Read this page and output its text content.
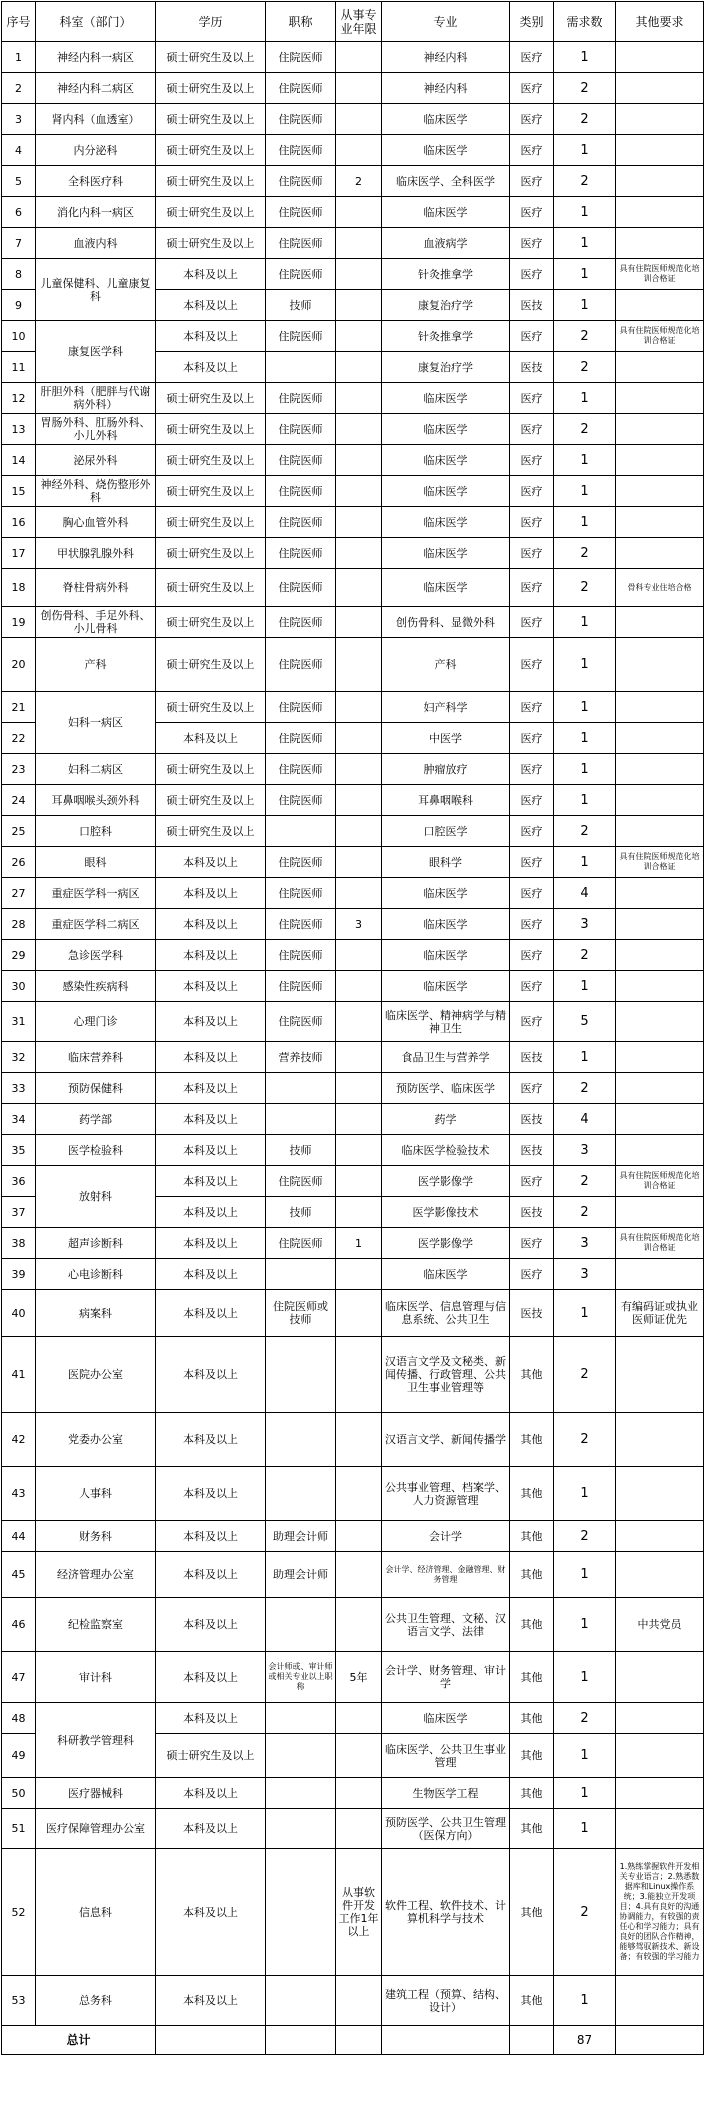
序号	科室（部门）	学历	职称	从事专业年限	专业	类别	需求数	其他要求
1	神经内科一病区	硕士研究生及以上	住院医师		神经内科	医疗	1	
2	神经内科二病区	硕士研究生及以上	住院医师		神经内科	医疗	2	
3	肾内科（血透室）	硕士研究生及以上	住院医师		临床医学	医疗	2	
4	内分泌科	硕士研究生及以上	住院医师		临床医学	医疗	1	
5	全科医疗科	硕士研究生及以上	住院医师	2	临床医学、全科医学	医疗	2	
6	消化内科一病区	硕士研究生及以上	住院医师		临床医学	医疗	1	
7	血液内科	硕士研究生及以上	住院医师		血液病学	医疗	1	
8	儿童保健科、儿童康复科	本科及以上	住院医师		针灸推拿学	医疗	1	具有住院医师规范化培训合格证
9		本科及以上	技师		康复治疗学	医技	1	
10	康复医学科	本科及以上	住院医师		针灸推拿学	医疗	2	具有住院医师规范化培训合格证
11		本科及以上			康复治疗学	医技	2	
12	肝胆外科（肥胖与代谢病外科）	硕士研究生及以上	住院医师		临床医学	医疗	1	
13	胃肠外科、肛肠外科、小儿外科	硕士研究生及以上	住院医师		临床医学	医疗	2	
14	泌尿外科	硕士研究生及以上	住院医师		临床医学	医疗	1	
15	神经外科、烧伤整形外科	硕士研究生及以上	住院医师		临床医学	医疗	1	
16	胸心血管外科	硕士研究生及以上	住院医师		临床医学	医疗	1	
17	甲状腺乳腺外科	硕士研究生及以上	住院医师		临床医学	医疗	2	
18	脊柱骨病外科	硕士研究生及以上	住院医师		临床医学	医疗	2	骨科专业住培合格
19	创伤骨科、手足外科、小儿骨科	硕士研究生及以上	住院医师		创伤骨科、显微外科	医疗	1	
20	产科	硕士研究生及以上	住院医师		产科	医疗	1	
21	妇科一病区	硕士研究生及以上	住院医师		妇产科学	医疗	1	
22		本科及以上	住院医师		中医学	医疗	1	
23	妇科二病区	硕士研究生及以上	住院医师		肿瘤放疗	医疗	1	
24	耳鼻咽喉头颈外科	硕士研究生及以上	住院医师		耳鼻咽喉科	医疗	1	
25	口腔科	硕士研究生及以上			口腔医学	医疗	2	
26	眼科	本科及以上	住院医师		眼科学	医疗	1	具有住院医师规范化培训合格证
27	重症医学科一病区	本科及以上	住院医师		临床医学	医疗	4	
28	重症医学科二病区	本科及以上	住院医师	3	临床医学	医疗	3	
29	急诊医学科	本科及以上	住院医师		临床医学	医疗	2	
30	感染性疾病科	本科及以上	住院医师		临床医学	医疗	1	
31	心理门诊	本科及以上	住院医师		临床医学、精神病学与精神卫生	医疗	5	
32	临床营养科	本科及以上	营养技师		食品卫生与营养学	医技	1	
33	预防保健科	本科及以上			预防医学、临床医学	医疗	2	
34	药学部	本科及以上			药学	医技	4	
35	医学检验科	本科及以上	技师		临床医学检验技术	医技	3	
36	放射科	本科及以上	住院医师		医学影像学	医疗	2	具有住院医师规范化培训合格证
37		本科及以上	技师		医学影像技术	医技	2	
38	超声诊断科	本科及以上	住院医师	1	医学影像学	医疗	3	具有住院医师规范化培训合格证
39	心电诊断科	本科及以上			临床医学	医疗	3	
40	病案科	本科及以上	住院医师或技师		临床医学、信息管理与信息系统、公共卫生	医技	1	有编码证或执业医师证优先
41	医院办公室	本科及以上			汉语言文学及文秘类、新闻传播、行政管理、公共卫生事业管理等	其他	2	
42	党委办公室	本科及以上			汉语言文学、新闻传播学	其他	2	
43	人事科	本科及以上			公共事业管理、档案学、人力资源管理	其他	1	
44	财务科	本科及以上	助理会计师		会计学	其他	2	
45	经济管理办公室	本科及以上	助理会计师		会计学、经济管理、金融管理、财务管理	其他	1	
46	纪检监察室	本科及以上			公共卫生管理、文秘、汉语言文学、法律	其他	1	中共党员
47	审计科	本科及以上	会计师或、审计师或相关专业以上职称	5年	会计学、财务管理、审计学	其他	1	
48	科研教学管理科	本科及以上			临床医学	其他	2	
49		硕士研究生及以上			临床医学、公共卫生事业管理	其他	1	
50	医疗器械科	本科及以上			生物医学工程	其他	1	
51	医疗保障管理办公室	本科及以上			预防医学、公共卫生管理（医保方向）	其他	1	
52	信息科	本科及以上		从事软件开发工作1年以上	软件工程、软件技术、计算机科学与技术	其他	2	1.熟练掌握软件开发相关专业语言；2.熟悉数据库和Linux操作系统；3.能独立开发项目；4.具有良好的沟通协调能力，有较强的责任心和学习能力；具有良好的团队合作精神，能够驾驭新技术、新设备；有较强的学习能力
53	总务科	本科及以上			建筑工程（预算、结构、设计）	其他	1	
总计							87	
